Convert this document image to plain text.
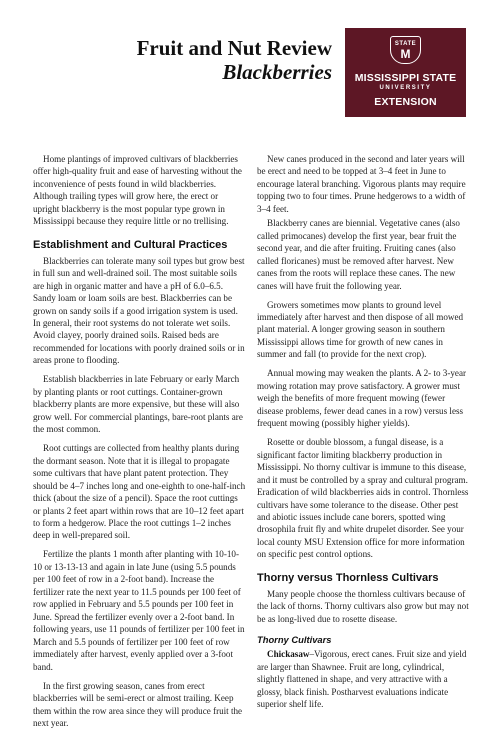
Fruit and Nut Review
Blackberries
STATE
M
MISSISSIPPI STATE
UNIVERSITY
EXTENSION

Home plantings of improved cultivars of blackberries offer high-quality fruit and ease of harvesting without the inconvenience of pests found in wild blackberries. Although trailing types will grow here, the erect or upright blackberry is the most popular type grown in Mississippi because they require little or no trellising.

Establishment and Cultural Practices

Blackberries can tolerate many soil types but grow best in full sun and well-drained soil. The most suitable soils are high in organic matter and have a pH of 6.0–6.5. Sandy loam or loam soils are best. Blackberries can be grown on sandy soils if a good irrigation system is used. In general, their root systems do not tolerate wet soils. Avoid clayey, poorly drained soils. Raised beds are recommended for locations with poorly drained soils or in areas prone to flooding.

Establish blackberries in late February or early March by planting plants or root cuttings. Container-grown blackberry plants are more expensive, but these will also grow well. For commercial plantings, bare-root plants are the most common.

Root cuttings are collected from healthy plants during the dormant season. Note that it is illegal to propagate some cultivars that have plant patent protection. They should be 4–7 inches long and one-eighth to one-half-inch thick (about the size of a pencil). Space the root cuttings or plants 2 feet apart within rows that are 10–12 feet apart to form a hedgerow. Place the root cuttings 1–2 inches deep in well-prepared soil.

Fertilize the plants 1 month after planting with 10-10-10 or 13-13-13 and again in late June (using 5.5 pounds per 100 feet of row in a 2-foot band). Increase the fertilizer rate the next year to 11.5 pounds per 100 feet of row applied in February and 5.5 pounds per 100 feet in June. Spread the fertilizer evenly over a 2-foot band. In following years, use 11 pounds of fertilizer per 100 feet in March and 5.5 pounds of fertilizer per 100 feet of row immediately after harvest, evenly applied over a 3-foot band.

In the first growing season, canes from erect blackberries will be semi-erect or almost trailing. Keep them within the row area since they will produce fruit the next year.

New canes produced in the second and later years will be erect and need to be topped at 3–4 feet in June to encourage lateral branching. Vigorous plants may require topping two to four times. Prune hedgerows to a width of 3–4 feet.

Blackberry canes are biennial. Vegetative canes (also called primocanes) develop the first year, bear fruit the second year, and die after fruiting. Fruiting canes (also called floricanes) must be removed after harvest. New canes from the roots will replace these canes. The new canes will have fruit the following year.

Growers sometimes mow plants to ground level immediately after harvest and then dispose of all mowed plant material. A longer growing season in southern Mississippi allows time for growth of new canes in summer and fall (to provide for the next crop).

Annual mowing may weaken the plants. A 2- to 3-year mowing rotation may prove satisfactory. A grower must weigh the benefits of more frequent mowing (fewer disease problems, fewer dead canes in a row) versus less frequent mowing (possibly higher yields).

Rosette or double blossom, a fungal disease, is a significant factor limiting blackberry production in Mississippi. No thorny cultivar is immune to this disease, and it must be controlled by a spray and cultural program. Eradication of wild blackberries aids in control. Thornless cultivars have some tolerance to the disease. Other pest and abiotic issues include cane borers, spotted wing drosophila fruit fly and white drupelet disorder. See your local county MSU Extension office for more information on specific pest control options.

Thorny versus Thornless Cultivars

Many people choose the thornless cultivars because of the lack of thorns. Thorny cultivars also grow but may not be as long-lived due to rosette disease.

Thorny Cultivars

Chickasaw–Vigorous, erect canes. Fruit size and yield are larger than Shawnee. Fruit are long, cylindrical, slightly flattened in shape, and very attractive with a glossy, black finish. Postharvest evaluations indicate superior shelf life.
